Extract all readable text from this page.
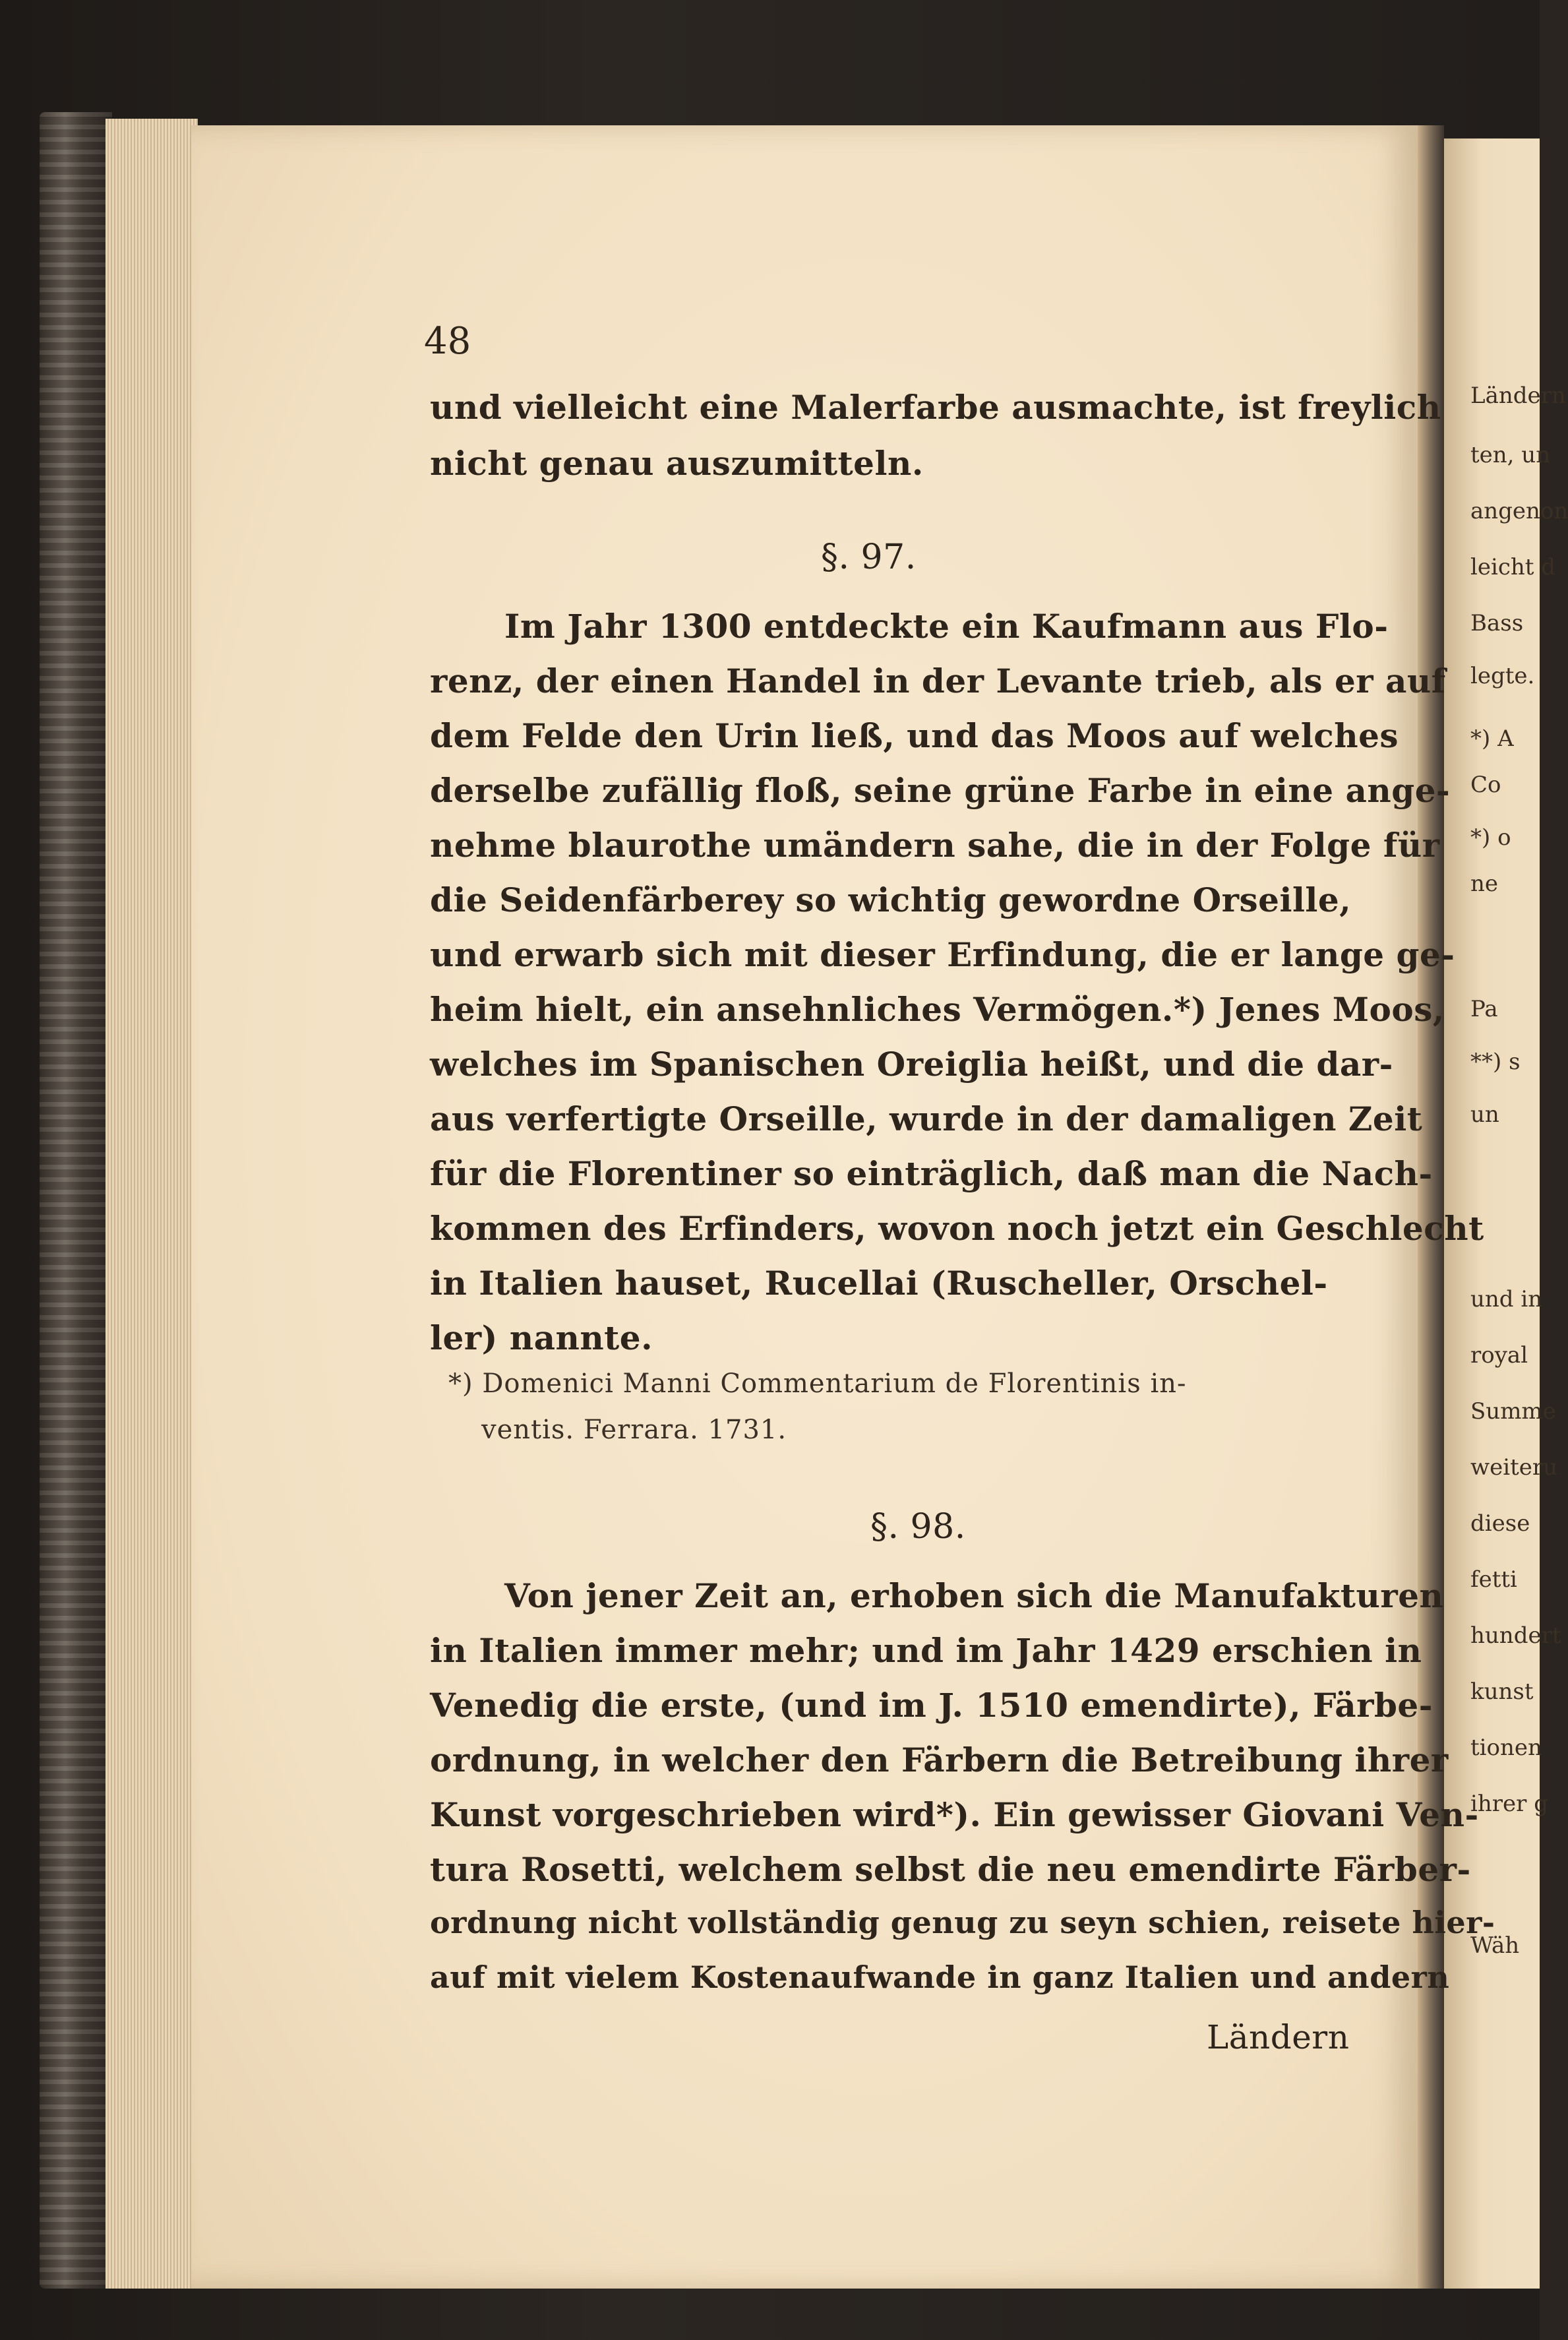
Ländern
ten, un
angenon
leicht d
Bass
legte.
*) A
Co
*) o
ne
Pa
**) s
un
und in
royal
Summe
weiteru
diese
fetti
hundert
kunst
tionen
ihrer g
Wäh
48
und vielleicht eine Malerfarbe ausmachte, ist freylich
nicht genau auszumitteln.
§. 97.
Im Jahr 1300 entdeckte ein Kaufmann aus Flo-
renz, der einen Handel in der Levante trieb, als er auf
dem Felde den Urin ließ, und das Moos auf welches
derselbe zufällig floß, seine grüne Farbe in eine ange-
nehme blaurothe umändern sahe, die in der Folge für
die Seidenfärberey so wichtig gewordne Orseille,
und erwarb sich mit dieser Erfindung, die er lange ge-
heim hielt, ein ansehnliches Vermögen.*) Jenes Moos,
welches im Spanischen Oreiglia heißt, und die dar-
aus verfertigte Orseille, wurde in der damaligen Zeit
für die Florentiner so einträglich, daß man die Nach-
kommen des Erfinders, wovon noch jetzt ein Geschlecht
in Italien hauset, Rucellai (Ruscheller, Orschel-
ler) nannte.
*) Domenici Manni Commentarium de Florentinis in-
ventis. Ferrara. 1731.
§. 98.
Von jener Zeit an, erhoben sich die Manufakturen
in Italien immer mehr; und im Jahr 1429 erschien in
Venedig die erste, (und im J. 1510 emendirte), Färbe-
ordnung, in welcher den Färbern die Betreibung ihrer
Kunst vorgeschrieben wird*). Ein gewisser Giovani Ven-
tura Rosetti, welchem selbst die neu emendirte Färber-
ordnung nicht vollständig genug zu seyn schien, reisete hier-
auf mit vielem Kostenaufwande in ganz Italien und andern
Ländern
